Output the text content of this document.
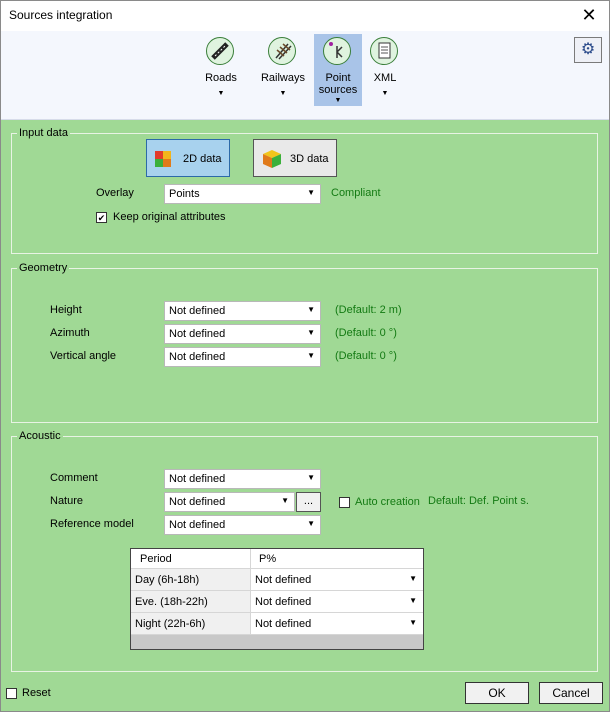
Sources integration	✕
Roads
▼
Railways
▼
Point sources
▼
XML
▼
⚙
Input data
2D data	3D data
Overlay	Points	▼ Compliant
✔ Keep original attributes
Geometry
Height	Not defined	▼ (Default: 2 m)
Azimuth	Not defined	▼ (Default: 0 °)
Vertical angle	Not defined	▼ (Default: 0 °)
Acoustic
Comment	Not defined	▼
Nature	Not defined	▼	...	Auto creation Default: Def. Point s.
Reference model	Not defined	▼
Period	P%
Day (6h-18h)	Not defined	▼
Eve. (18h-22h)	Not defined	▼
Night (22h-6h)	Not defined	▼
Reset	OK	Cancel
